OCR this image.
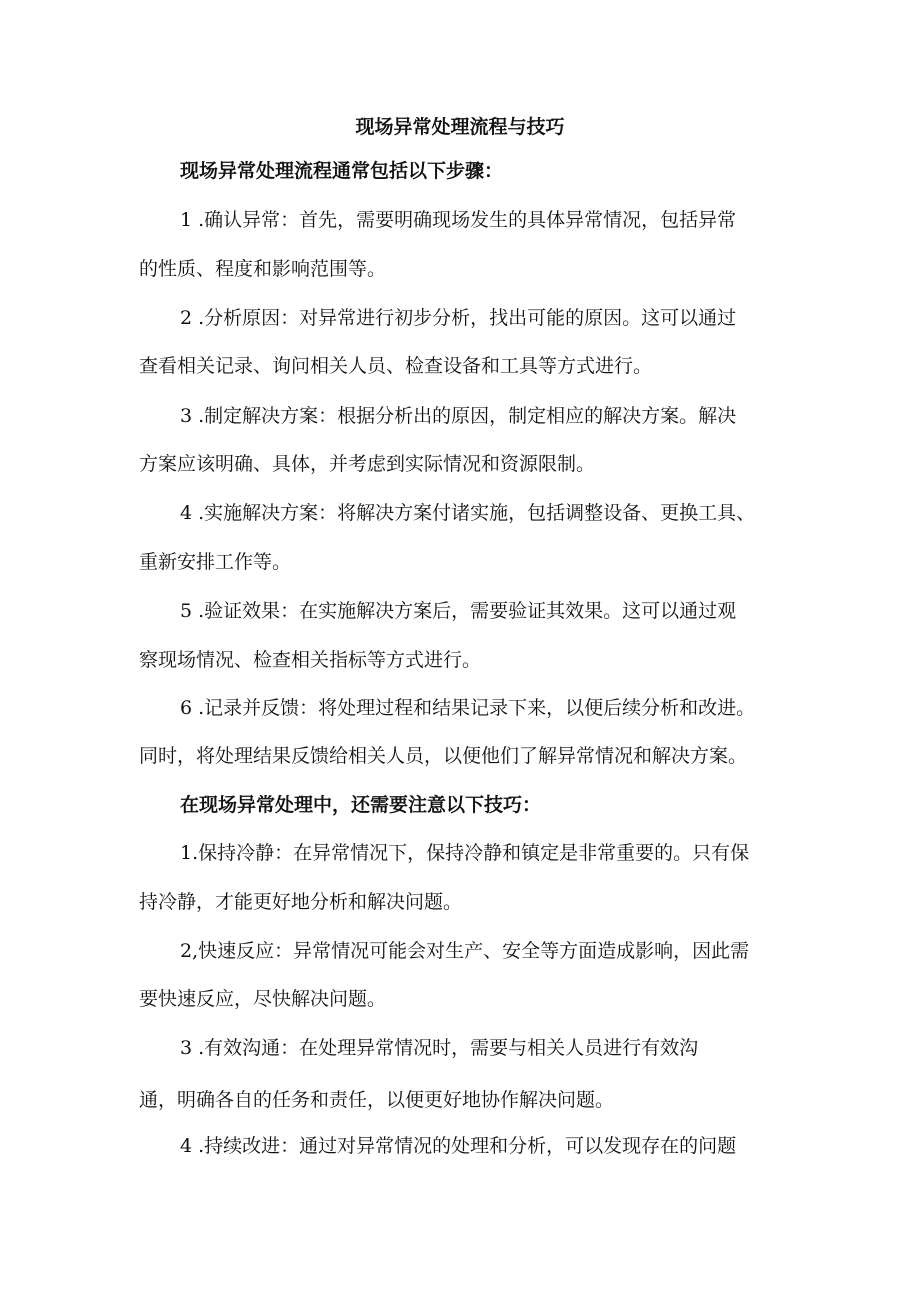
现场异常处理流程与技巧
现场异常处理流程通常包括以下步骤：
1 .确认异常：首先，需要明确现场发生的具体异常情况，包括异常
的性质、程度和影响范围等。
2 .分析原因：对异常进行初步分析，找出可能的原因。这可以通过
查看相关记录、询问相关人员、检查设备和工具等方式进行。
3 .制定解决方案：根据分析出的原因，制定相应的解决方案。解决
方案应该明确、具体，并考虑到实际情况和资源限制。
4 .实施解决方案：将解决方案付诸实施，包括调整设备、更换工具、
重新安排工作等。
5 .验证效果：在实施解决方案后，需要验证其效果。这可以通过观
察现场情况、检查相关指标等方式进行。
6 .记录并反馈：将处理过程和结果记录下来，以便后续分析和改进。
同时，将处理结果反馈给相关人员，以便他们了解异常情况和解决方案。
在现场异常处理中，还需要注意以下技巧：
1.保持冷静：在异常情况下，保持冷静和镇定是非常重要的。只有保
持冷静，才能更好地分析和解决问题。
2,快速反应：异常情况可能会对生产、安全等方面造成影响，因此需
要快速反应，尽快解决问题。
3 .有效沟通：在处理异常情况时，需要与相关人员进行有效沟
通，明确各自的任务和责任，以便更好地协作解决问题。
4 .持续改进：通过对异常情况的处理和分析，可以发现存在的问题
